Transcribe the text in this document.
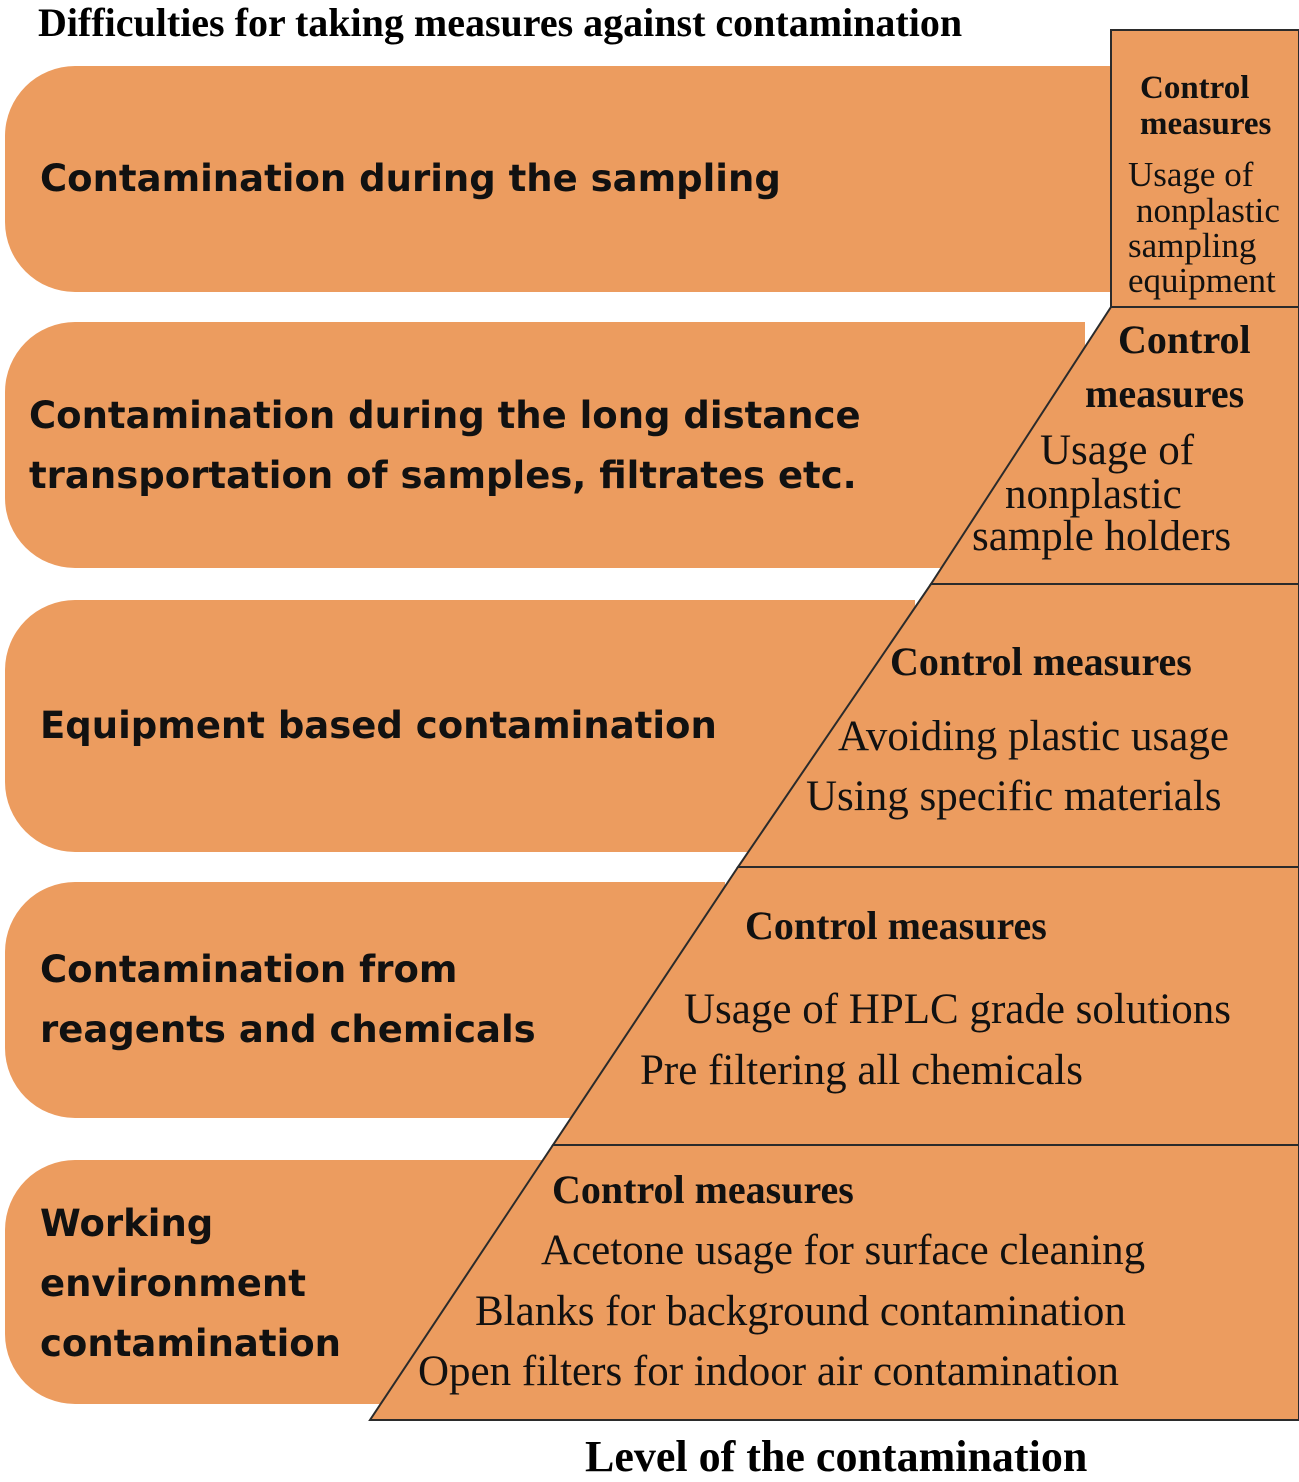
Difficulties for taking measures against contamination
Contamination during the sampling
Contamination during the long distance
transportation of samples, filtrates etc.
Equipment based contamination
Contamination from
reagents and chemicals
Working
environment
contamination
Control
measures
Usage of
nonplastic
sampling
equipment
Control
measures
Usage of
nonplastic
sample holders
Control measures
Avoiding plastic usage
Using specific materials
Control measures
Usage of HPLC grade solutions
Pre filtering all chemicals
Control measures
Acetone usage for surface cleaning
Blanks for background contamination
Open filters for indoor air contamination
Level of the contamination
